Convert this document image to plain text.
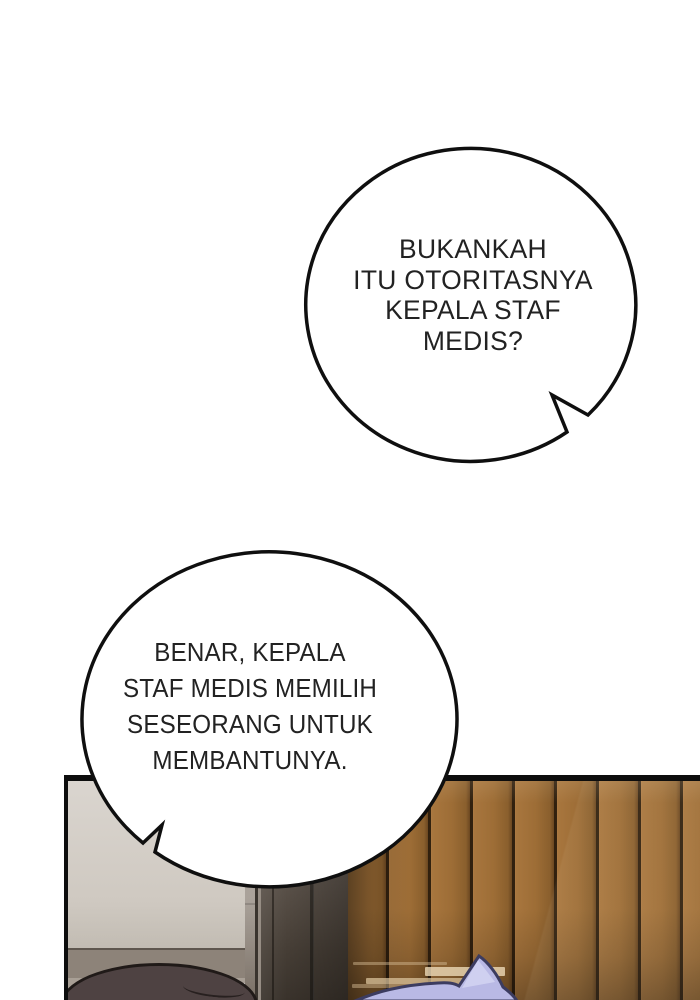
BUKANKAH
ITU OTORITASNYA
KEPALA STAF
MEDIS?
BENAR, KEPALA
STAF MEDIS MEMILIH
SESEORANG UNTUK
MEMBANTUNYA.
